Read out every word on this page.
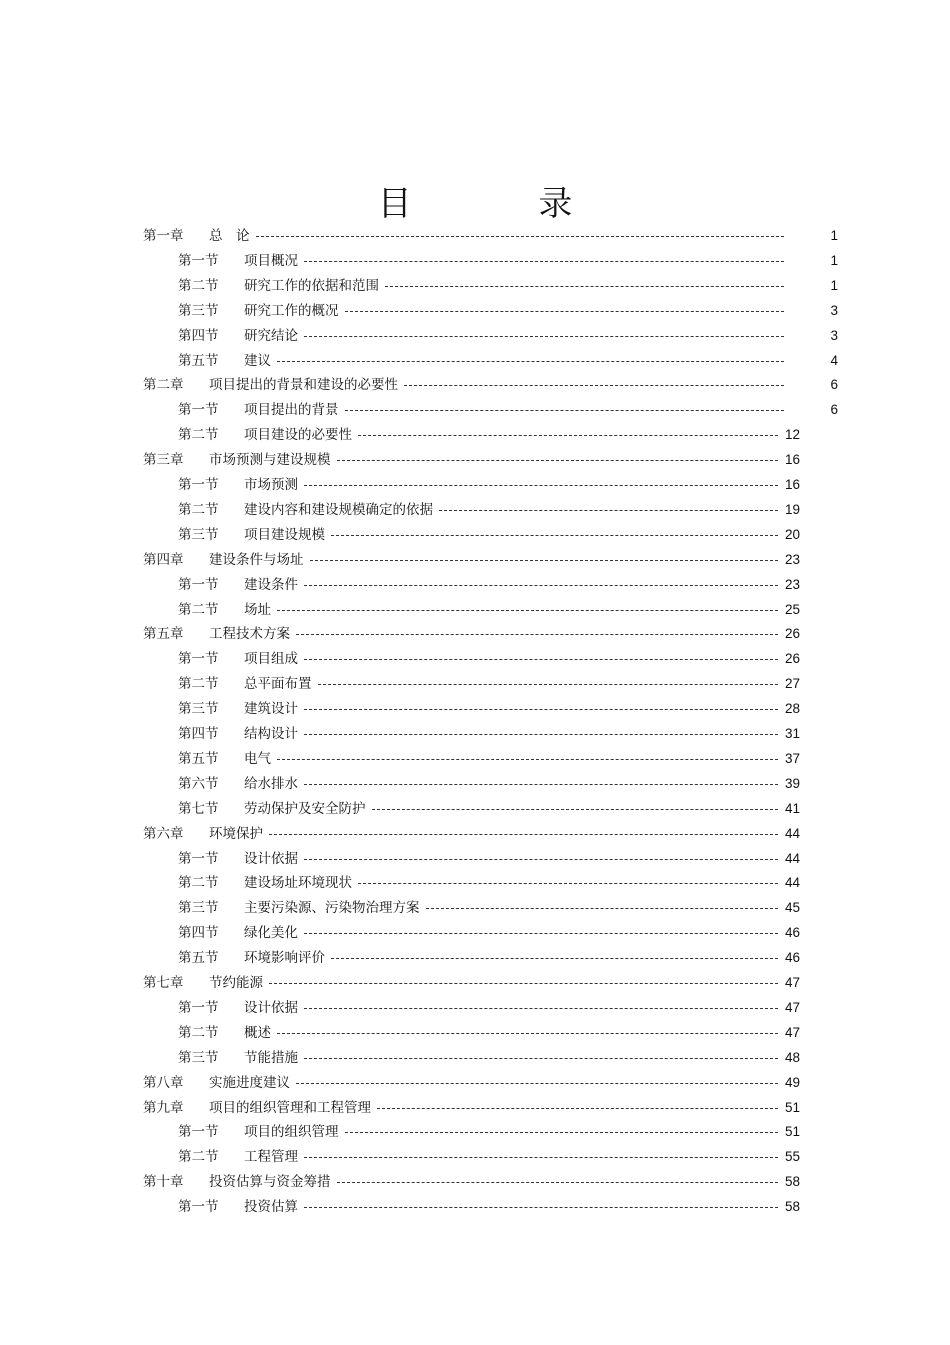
目 录
第一章 总　论	1
第一节 项目概况	1
第二节 研究工作的依据和范围	1
第三节 研究工作的概况	3
第四节 研究结论	3
第五节 建议	4
第二章 项目提出的背景和建设的必要性	6
第一节 项目提出的背景	6
第二节 项目建设的必要性	12
第三章 市场预测与建设规模	16
第一节 市场预测	16
第二节 建设内容和建设规模确定的依据	19
第三节 项目建设规模	20
第四章 建设条件与场址	23
第一节 建设条件	23
第二节 场址	25
第五章 工程技术方案	26
第一节 项目组成	26
第二节 总平面布置	27
第三节 建筑设计	28
第四节 结构设计	31
第五节 电气	37
第六节 给水排水	39
第七节 劳动保护及安全防护	41
第六章 环境保护	44
第一节 设计依据	44
第二节 建设场址环境现状	44
第三节 主要污染源、污染物治理方案	45
第四节 绿化美化	46
第五节 环境影响评价	46
第七章 节约能源	47
第一节 设计依据	47
第二节 概述	47
第三节 节能措施	48
第八章 实施进度建议	49
第九章 项目的组织管理和工程管理	51
第一节 项目的组织管理	51
第二节 工程管理	55
第十章 投资估算与资金筹措	58
第一节 投资估算	58
